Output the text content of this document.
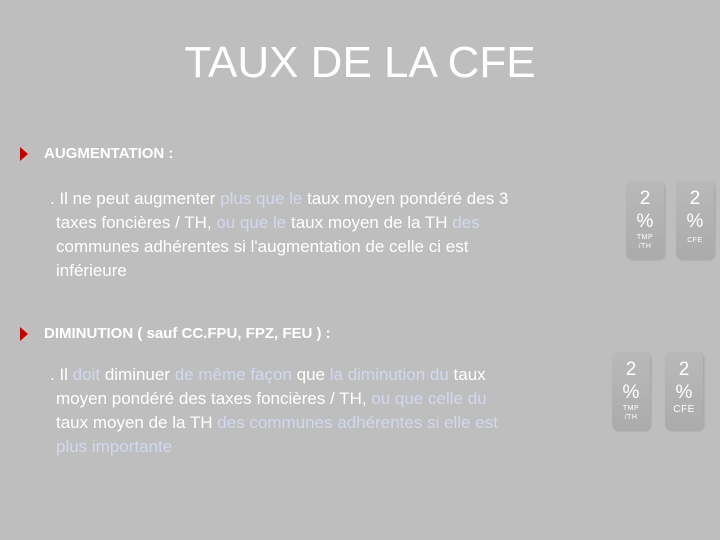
TAUX DE LA CFE
AUGMENTATION :
. Il ne peut augmenter plus que le taux moyen pondéré des 3
taxes foncières / TH, ou que le taux moyen de la TH des
communes adhérentes si l'augmentation de celle ci est
inférieure
2
%
TMP
/TH
2
%
CFE
DIMINUTION ( sauf CC.FPU, FPZ, FEU ) :
. Il doit diminuer de même façon que la diminution du taux
moyen pondéré des taxes foncières / TH, ou que celle du
taux moyen de la TH des communes adhérentes si elle est
plus importante
2
%
TMP
/TH
2
%
CFE
